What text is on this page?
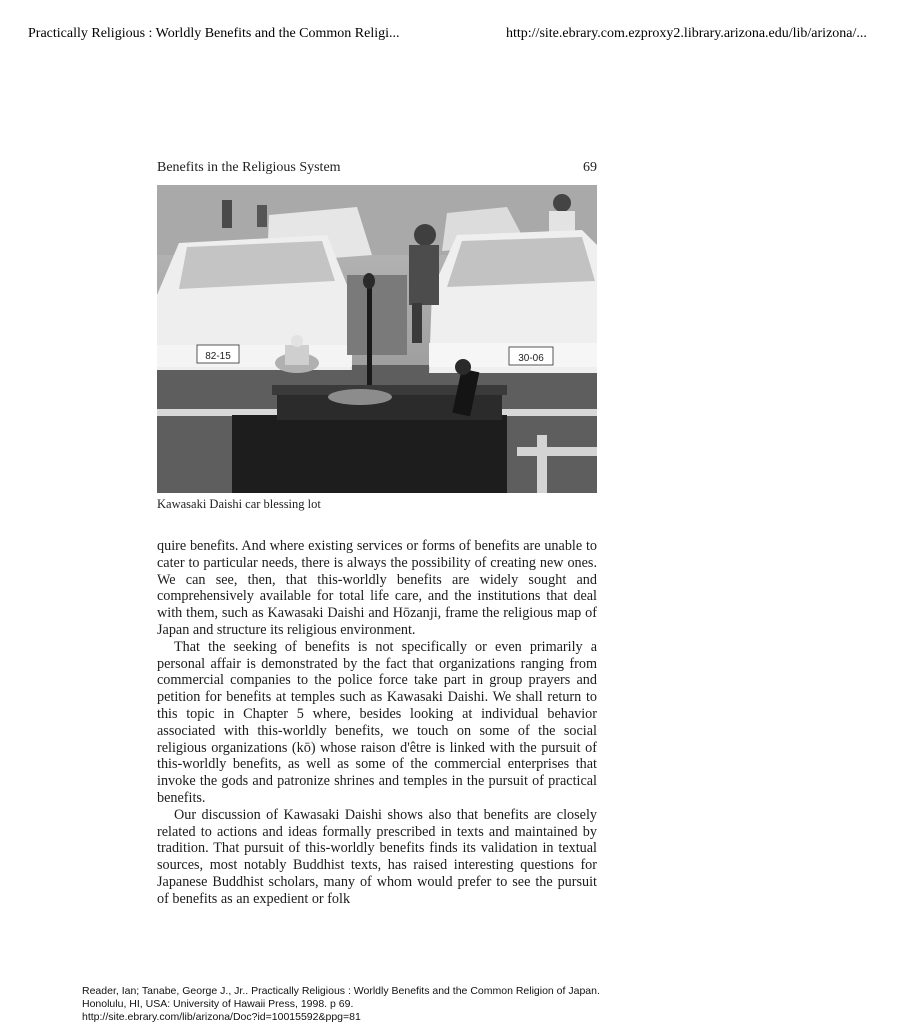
Practically Religious : Worldly Benefits and the Common Religi...	http://site.ebrary.com.ezproxy2.library.arizona.edu/lib/arizona/...
Benefits in the Religious System	69
82-15	30-06
Kawasaki Daishi car blessing lot

quire benefits. And where existing services or forms of benefits are unable to cater to particular needs, there is always the possibility of creating new ones. We can see, then, that this-worldly benefits are widely sought and comprehensively available for total life care, and the institutions that deal with them, such as Kawasaki Daishi and Hōzanji, frame the religious map of Japan and structure its religious environment.

That the seeking of benefits is not specifically or even primarily a personal affair is demonstrated by the fact that organizations ranging from commercial companies to the police force take part in group prayers and petition for benefits at temples such as Kawasaki Daishi. We shall return to this topic in Chapter 5 where, besides looking at individual behavior associated with this-worldly benefits, we touch on some of the social religious organizations (kō) whose raison d'être is linked with the pursuit of this-worldly benefits, as well as some of the commercial enterprises that invoke the gods and patronize shrines and temples in the pursuit of practical benefits.

Our discussion of Kawasaki Daishi shows also that benefits are closely related to actions and ideas formally prescribed in texts and maintained by tradition. That pursuit of this-worldly benefits finds its validation in textual sources, most notably Buddhist texts, has raised interesting questions for Japanese Buddhist scholars, many of whom would prefer to see the pursuit of benefits as an expedient or folk

Reader, Ian; Tanabe, George J., Jr.. Practically Religious : Worldly Benefits and the Common Religion of Japan.
Honolulu, HI, USA: University of Hawaii Press, 1998. p 69.
http://site.ebrary.com/lib/arizona/Doc?id=10015592&ppg=81
